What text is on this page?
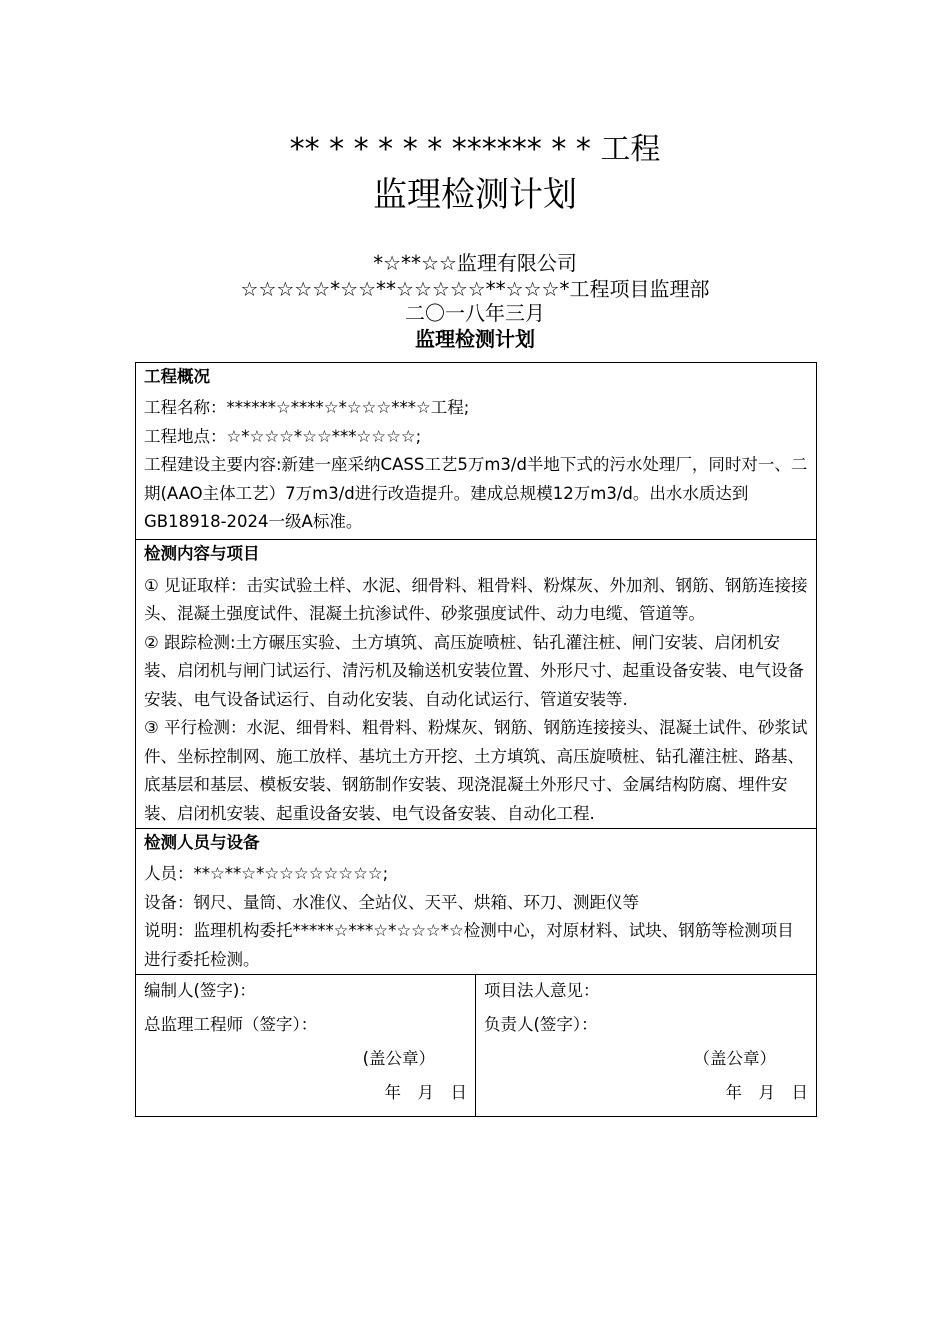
** * * * * * ****** * * 工程
监理检测计划
*☆**☆☆监理有限公司
☆☆☆☆☆*☆☆**☆☆☆☆☆**☆☆☆*工程项目监理部
二〇一八年三月
监理检测计划
工程概况

工程名称：******☆****☆*☆☆☆***☆工程;

工程地点：☆*☆☆☆*☆☆***☆☆☆☆;

工程建设主要内容:新建一座采纳CASS工艺5万m3/d半地下式的污水处理厂，同时对一、二期(AAO主体工艺）7万m3/d进行改造提升。建成总规模12万m3/d。出水水质达到GB18918-2024一级A标准。

检测内容与项目

① 见证取样：击实试验土样、水泥、细骨料、粗骨料、粉煤灰、外加剂、钢筋、钢筋连接接头、混凝土强度试件、混凝土抗渗试件、砂浆强度试件、动力电缆、管道等。

② 跟踪检测:土方碾压实验、土方填筑、高压旋喷桩、钻孔灌注桩、闸门安装、启闭机安装、启闭机与闸门试运行、清污机及输送机安装位置、外形尺寸、起重设备安装、电气设备安装、电气设备试运行、自动化安装、自动化试运行、管道安装等.

③ 平行检测：水泥、细骨料、粗骨料、粉煤灰、钢筋、钢筋连接接头、混凝土试件、砂浆试件、坐标控制网、施工放样、基坑土方开挖、土方填筑、高压旋喷桩、钻孔灌注桩、路基、底基层和基层、模板安装、钢筋制作安装、现浇混凝土外形尺寸、金属结构防腐、埋件安装、启闭机安装、起重设备安装、电气设备安装、自动化工程.

检测人员与设备

人员：**☆**☆*☆☆☆☆☆☆☆☆;

设备：钢尺、量筒、水准仪、全站仪、天平、烘箱、环刀、测距仪等

说明：监理机构委托*****☆***☆*☆☆☆*☆检测中心，对原材料、试块、钢筋等检测项目进行委托检测。

编制人(签字)：
总监理工程师（签字）：
(盖公章）
年　月　日

项目法人意见：
负责人(签字）：
（盖公章）
年　月　日
